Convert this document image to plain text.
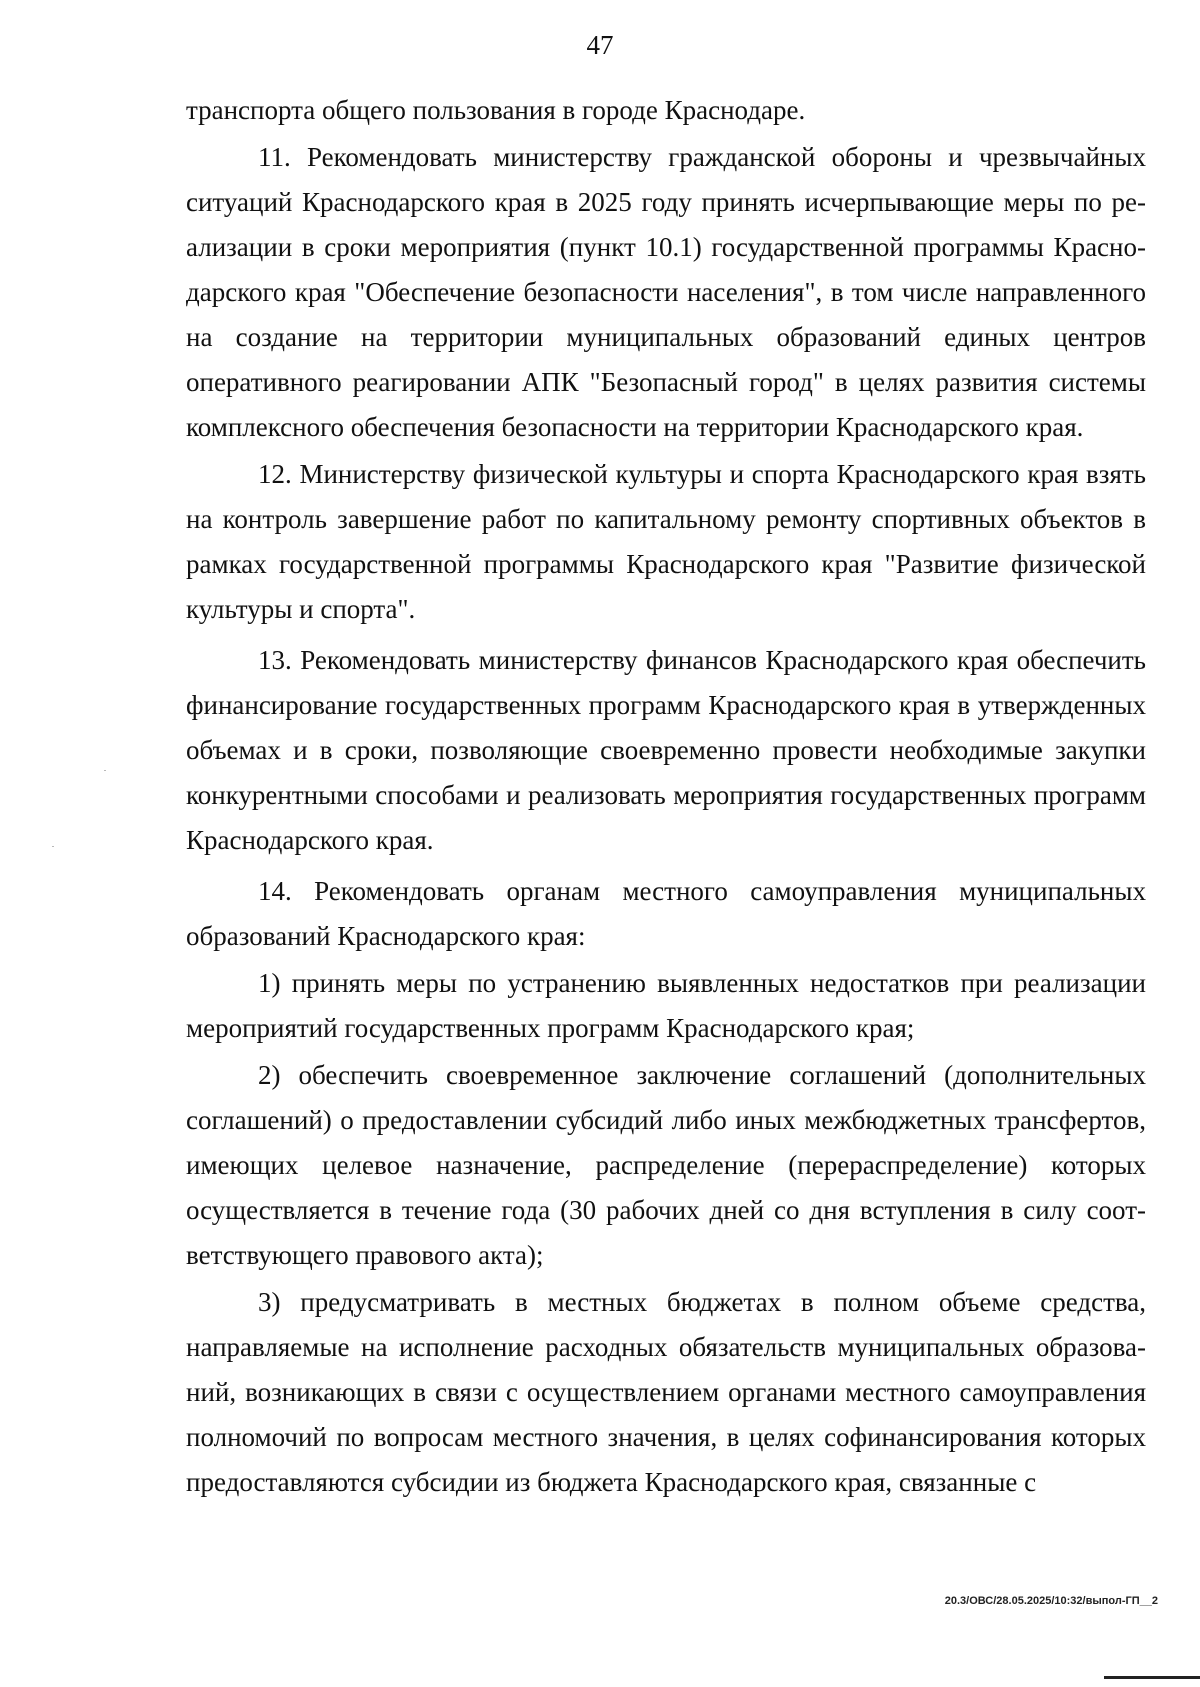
47

транспорта общего пользования в городе Краснодаре.

11. Рекомендовать министерству гражданской обороны и чрезвычайных ситуаций Краснодарского края в 2025 году принять исчерпывающие меры по реализации в сроки мероприятия (пункт 10.1) государственной программы Краснодарского края "Обеспечение безопасности населения", в том числе направленного на создание на территории муниципальных образований единых центров оперативного реагировании АПК "Безопасный город" в целях развития системы комплексного обеспечения безопасности на территории Краснодарского края.

12. Министерству физической культуры и спорта Краснодарского края взять на контроль завершение работ по капитальному ремонту спортивных объектов в рамках государственной программы Краснодарского края "Развитие физической культуры и спорта".

13. Рекомендовать министерству финансов Краснодарского края обеспечить финансирование государственных программ Краснодарского края в утвержденных объемах и в сроки, позволяющие своевременно провести необходимые закупки конкурентными способами и реализовать мероприятия государственных программ Краснодарского края.

14. Рекомендовать органам местного самоуправления муниципальных образований Краснодарского края:

1) принять меры по устранению выявленных недостатков при реализации мероприятий государственных программ Краснодарского края;

2) обеспечить своевременное заключение соглашений (дополнительных соглашений) о предоставлении субсидий либо иных межбюджетных трансфертов, имеющих целевое назначение, распределение (перераспределение) которых осуществляется в течение года (30 рабочих дней со дня вступления в силу соответствующего правового акта);

3) предусматривать в местных бюджетах в полном объеме средства, направляемые на исполнение расходных обязательств муниципальных образований, возникающих в связи с осуществлением органами местного самоуправления полномочий по вопросам местного значения, в целях софинансирования которых предоставляются субсидии из бюджета Краснодарского края, связанные с

20.3/ОВС/28.05.2025/10:32/выпол-ГП__2
